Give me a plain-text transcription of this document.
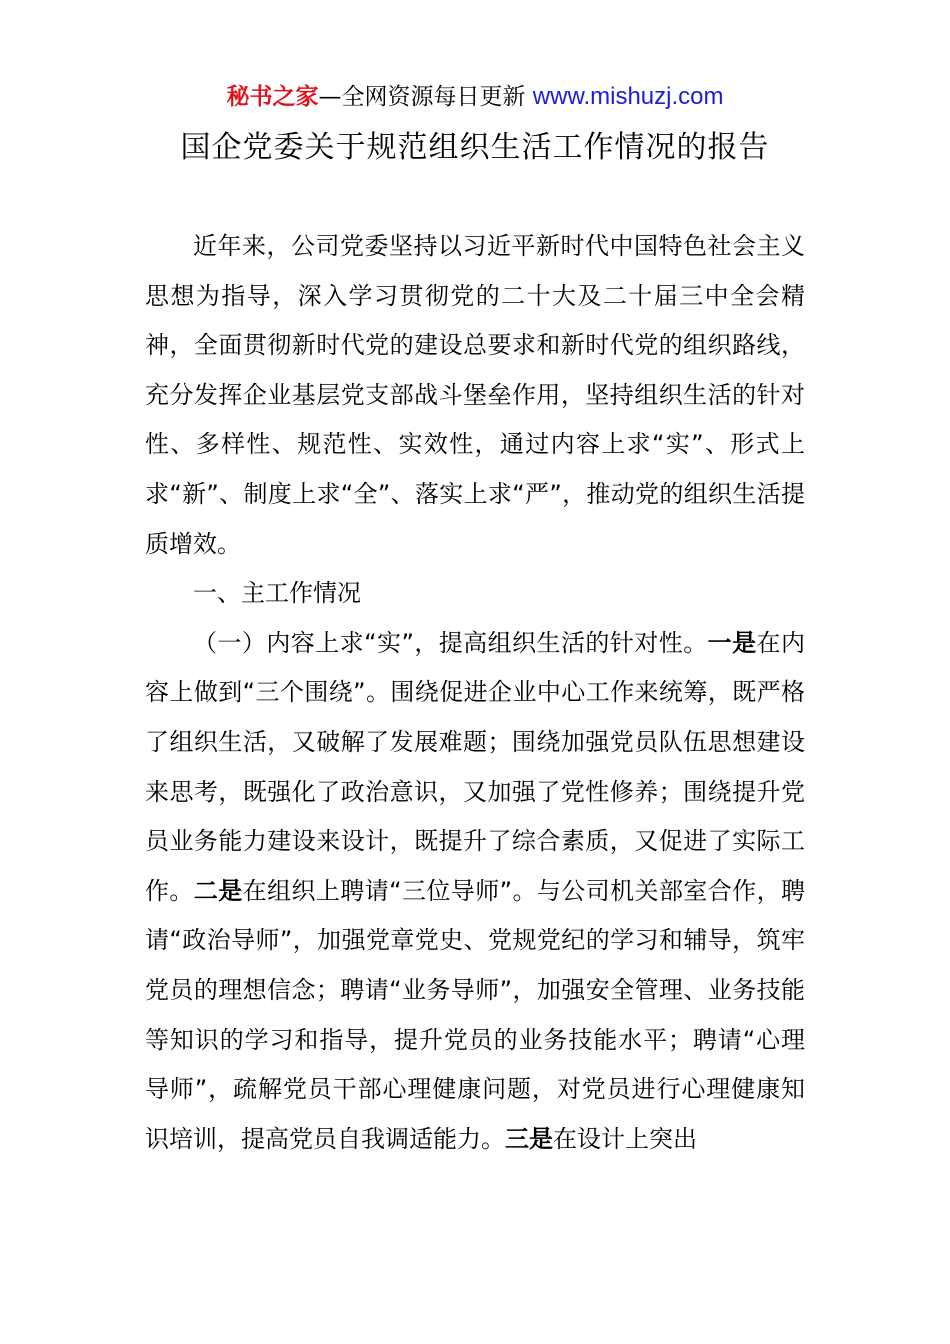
秘书之家—全网资源每日更新 www.mishuzj.com
国企党委关于规范组织生活工作情况的报告

近年来，公司党委坚持以习近平新时代中国特色社会主义思想为指导，深入学习贯彻党的二十大及二十届三中全会精神，全面贯彻新时代党的建设总要求和新时代党的组织路线，充分发挥企业基层党支部战斗堡垒作用，坚持组织生活的针对性、多样性、规范性、实效性，通过内容上求“实”、形式上求“新”、制度上求“全”、落实上求“严”，推动党的组织生活提质增效。

一、主工作情况

（一）内容上求“实”，提高组织生活的针对性。一是在内容上做到“三个围绕”。围绕促进企业中心工作来统筹，既严格了组织生活，又破解了发展难题；围绕加强党员队伍思想建设来思考，既强化了政治意识，又加强了党性修养；围绕提升党员业务能力建设来设计，既提升了综合素质，又促进了实际工作。二是在组织上聘请“三位导师”。与公司机关部室合作，聘请“政治导师”，加强党章党史、党规党纪的学习和辅导，筑牢党员的理想信念；聘请“业务导师”，加强安全管理、业务技能等知识的学习和指导，提升党员的业务技能水平；聘请“心理导师”，疏解党员干部心理健康问题，对党员进行心理健康知识培训，提高党员自我调适能力。三是在设计上突出
